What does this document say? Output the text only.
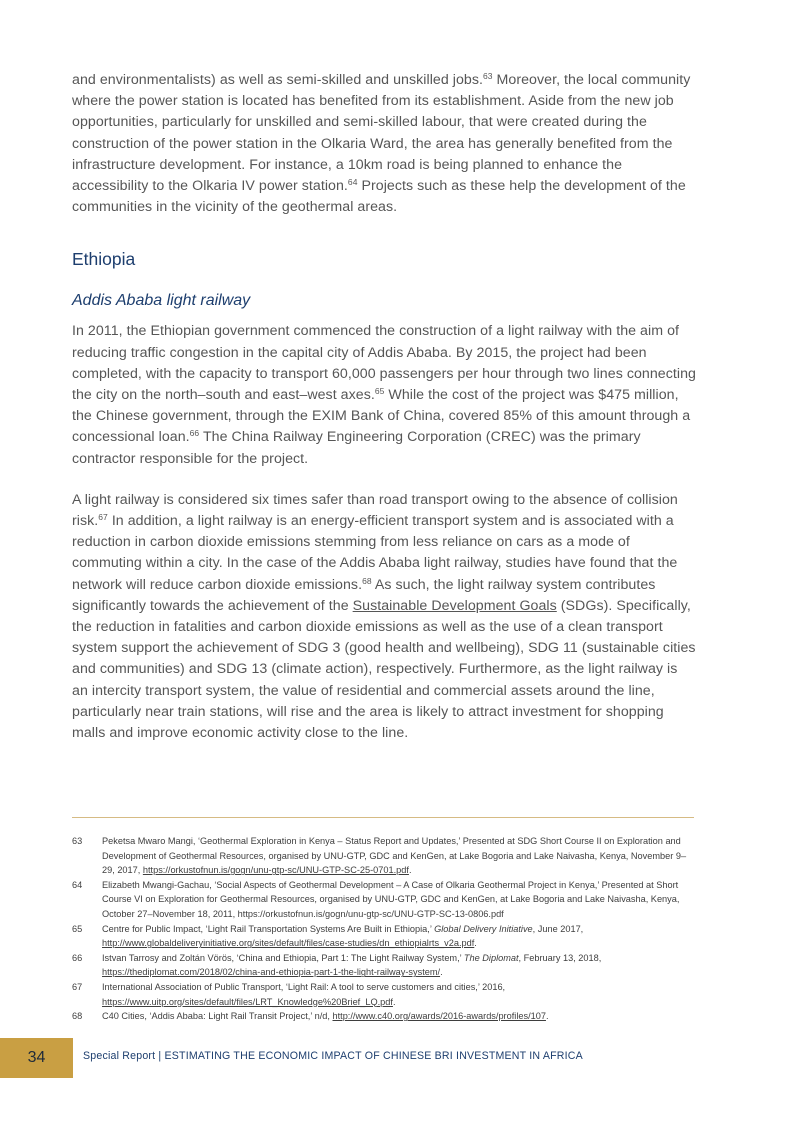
and environmentalists) as well as semi-skilled and unskilled jobs.$^{63}$ Moreover, the local community where the power station is located has benefited from its establishment. Aside from the new job opportunities, particularly for unskilled and semi-skilled labour, that were created during the construction of the power station in the Olkaria Ward, the area has generally benefited from the infrastructure development. For instance, a 10km road is being planned to enhance the accessibility to the Olkaria IV power station.$^{64}$ Projects such as these help the development of the communities in the vicinity of the geothermal areas.

Ethiopia
Addis Ababa light railway

In 2011, the Ethiopian government commenced the construction of a light railway with the aim of reducing traffic congestion in the capital city of Addis Ababa. By 2015, the project had been completed, with the capacity to transport 60,000 passengers per hour through two lines connecting the city on the north–south and east–west axes.$^{65}$ While the cost of the project was $475 million, the Chinese government, through the EXIM Bank of China, covered 85% of this amount through a concessional loan.$^{66}$ The China Railway Engineering Corporation (CREC) was the primary contractor responsible for the project.

A light railway is considered six times safer than road transport owing to the absence of collision risk.$^{67}$ In addition, a light railway is an energy-efficient transport system and is associated with a reduction in carbon dioxide emissions stemming from less reliance on cars as a mode of commuting within a city. In the case of the Addis Ababa light railway, studies have found that the network will reduce carbon dioxide emissions.$^{68}$ As such, the light railway system contributes significantly towards the achievement of the Sustainable Development Goals (SDGs). Specifically, the reduction in fatalities and carbon dioxide emissions as well as the use of a clean transport system support the achievement of SDG 3 (good health and wellbeing), SDG 11 (sustainable cities and communities) and SDG 13 (climate action), respectively. Furthermore, as the light railway is an intercity transport system, the value of residential and commercial assets around the line, particularly near train stations, will rise and the area is likely to attract investment for shopping malls and improve economic activity close to the line.

63	Peketsa Mwaro Mangi, ‘Geothermal Exploration in Kenya – Status Report and Updates,’ Presented at SDG Short Course II on Exploration and Development of Geothermal Resources, organised by UNU-GTP, GDC and KenGen, at Lake Bogoria and Lake Naivasha, Kenya, November 9–29, 2017, https://orkustofnun.is/gogn/unu-gtp-sc/UNU-GTP-SC-25-0701.pdf.
64	Elizabeth Mwangi-Gachau, ‘Social Aspects of Geothermal Development – A Case of Olkaria Geothermal Project in Kenya,’ Presented at Short Course VI on Exploration for Geothermal Resources, organised by UNU-GTP, GDC and KenGen, at Lake Bogoria and Lake Naivasha, Kenya, October 27–November 18, 2011, https://orkustofnun.is/gogn/unu-gtp-sc/UNU-GTP-SC-13-0806.pdf
65	Centre for Public Impact, ‘Light Rail Transportation Systems Are Built in Ethiopia,’ Global Delivery Initiative, June 2017, http://www.globaldeliveryinitiative.org/sites/default/files/case-studies/dn_ethiopialrts_v2a.pdf.
66	Istvan Tarrosy and Zoltán Vörös, ‘China and Ethiopia, Part 1: The Light Railway System,’ The Diplomat, February 13, 2018, https://thediplomat.com/2018/02/china-and-ethiopia-part-1-the-light-railway-system/.
67	International Association of Public Transport, ‘Light Rail: A tool to serve customers and cities,’ 2016, https://www.uitp.org/sites/default/files/LRT_Knowledge%20Brief_LQ.pdf.
68	C40 Cities, ‘Addis Ababa: Light Rail Transit Project,’ n/d, http://www.c40.org/awards/2016-awards/profiles/107.
34	Special Report | ESTIMATING THE ECONOMIC IMPACT OF CHINESE BRI INVESTMENT IN AFRICA
